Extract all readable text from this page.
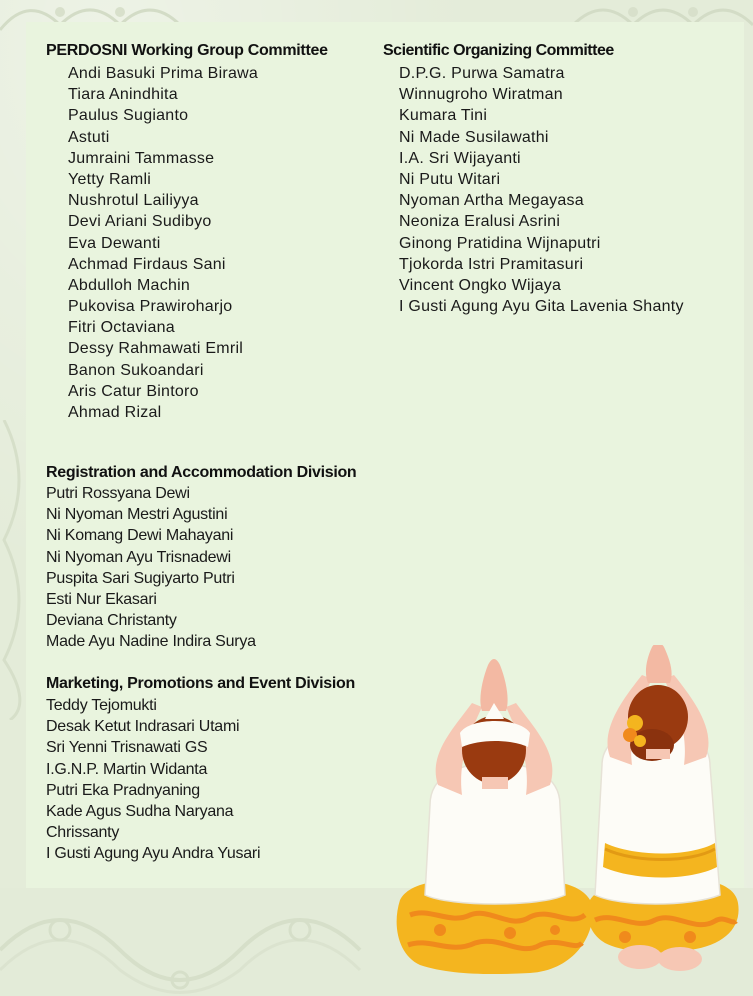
PERDOSNI Working Group Committee
Andi Basuki Prima Birawa
Tiara Anindhita
Paulus Sugianto
Astuti
Jumraini Tammasse
Yetty Ramli
Nushrotul Lailiyya
Devi Ariani Sudibyo
Eva Dewanti
Achmad Firdaus Sani
Abdulloh Machin
Pukovisa Prawiroharjo
Fitri Octaviana
Dessy Rahmawati Emril
Banon Sukoandari
Aris Catur Bintoro
Ahmad Rizal
Scientific Organizing Committee
D.P.G. Purwa Samatra
Winnugroho Wiratman
Kumara Tini
Ni Made Susilawathi
I.A. Sri Wijayanti
Ni Putu Witari
Nyoman Artha Megayasa
Neoniza Eralusi Asrini
Ginong Pratidina Wijnaputri
Tjokorda Istri Pramitasuri
Vincent Ongko Wijaya
I Gusti Agung Ayu Gita Lavenia Shanty
Registration and Accommodation Division
Putri Rossyana Dewi
Ni Nyoman Mestri Agustini
Ni Komang Dewi Mahayani
Ni Nyoman Ayu Trisnadewi
Puspita Sari Sugiyarto Putri
Esti Nur Ekasari
Deviana Christanty
Made Ayu Nadine Indira Surya
Marketing, Promotions and Event Division
Teddy Tejomukti
Desak Ketut Indrasari Utami
Sri Yenni Trisnawati GS
I.G.N.P. Martin Widanta
Putri Eka Pradnyaning
Kade Agus Sudha Naryana
Chrissanty
I Gusti Agung Ayu Andra Yusari
